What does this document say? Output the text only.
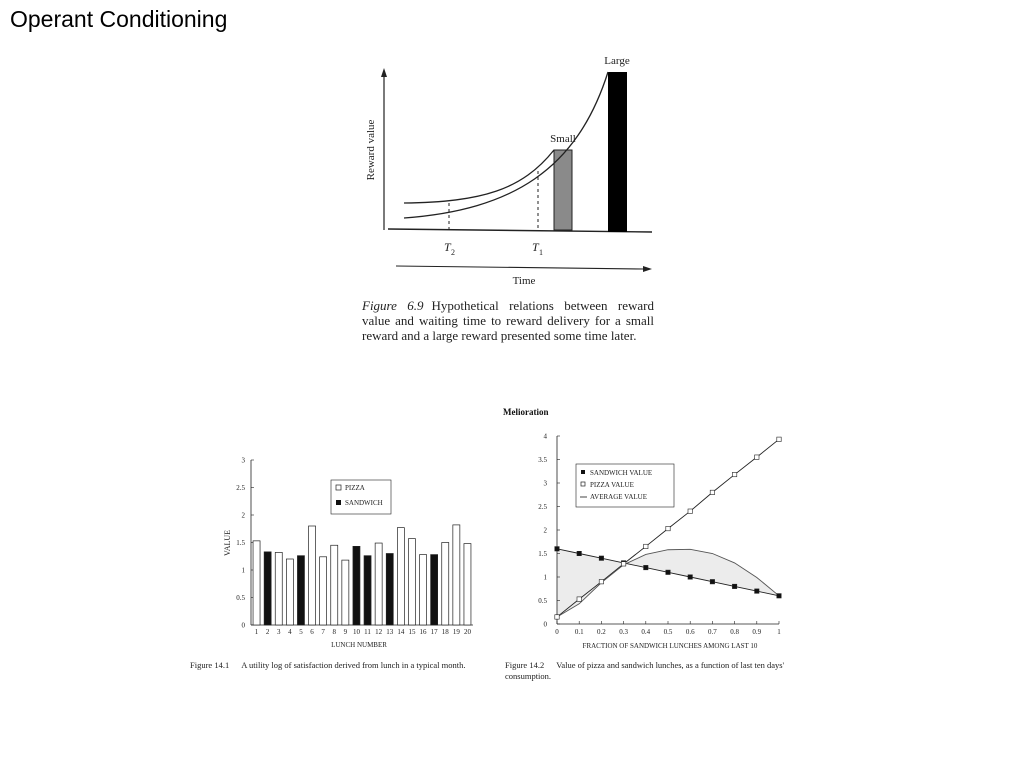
Operant Conditioning
Reward value
T 2	T 1
Small
Large
Time
Figure 6.9 Hypothetical relations between reward value and waiting time to reward delivery for a small reward and a large reward presented some time later.
Melioration
0
0.5
1
1.5
2
2.5
3
1 2 3 4 5 6 7 8 9 10 11 12 13 14 15 16 17 18 19 20
PIZZA
SANDWICH
VALUE
LUNCH NUMBER
Figure 14.1 A utility log of satisfaction derived from lunch in a typical month.
0
0.5
1
1.5
2
2.5
3
3.5
4
0 0.1 0.2 0.3 0.4 0.5 0.6 0.7 0.8 0.9 1
SANDWICH VALUE
PIZZA VALUE
AVERAGE VALUE
FRACTION OF SANDWICH LUNCHES AMONG LAST 10
Figure 14.2 Value of pizza and sandwich lunches, as a function of last ten days' consumption.
